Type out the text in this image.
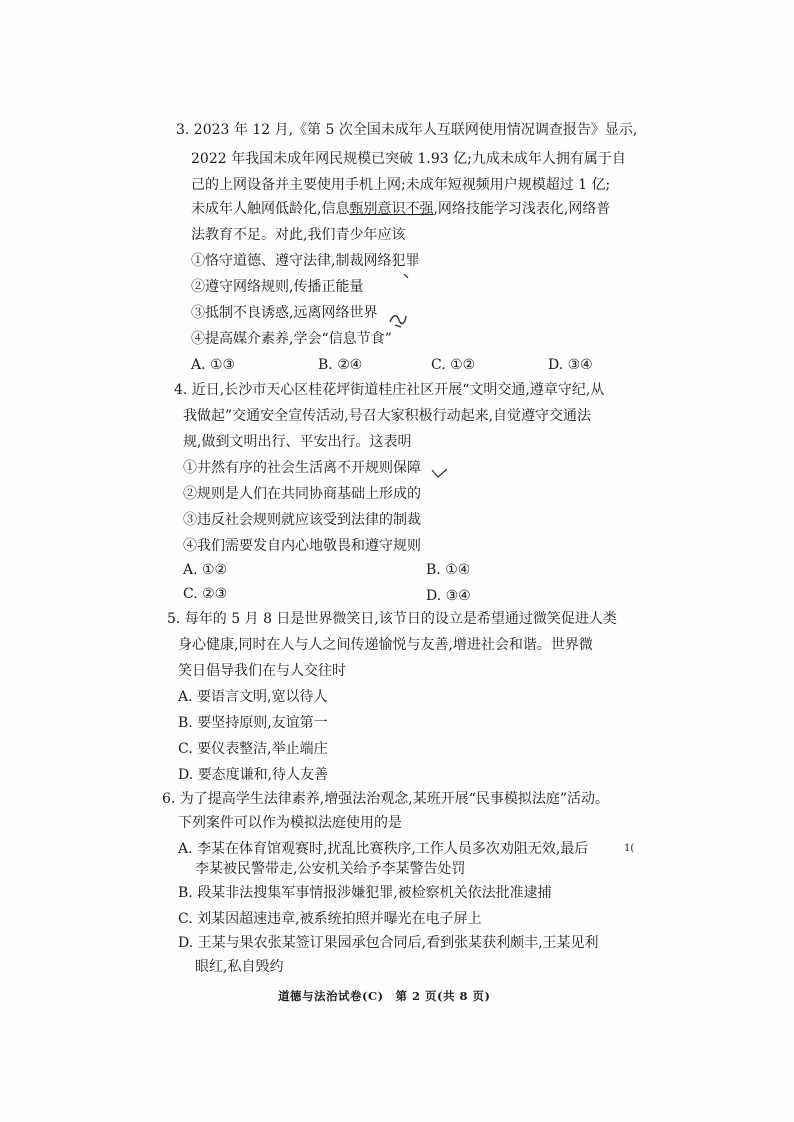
3. 2023 年 12 月,《第 5 次全国未成年人互联网使用情况调查报告》显示,
2022 年我国未成年网民规模已突破 1.93 亿;九成未成年人拥有属于自
己的上网设备并主要使用手机上网;未成年短视频用户规模超过 1 亿;
未成年人触网低龄化,信息甄别意识不强,网络技能学习浅表化,网络普
法教育不足。对此,我们青少年应该
①恪守道德、遵守法律,制裁网络犯罪
②遵守网络规则,传播正能量
③抵制不良诱惑,远离网络世界
④提高媒介素养,学会“信息节食”
A. ①③	B. ②④	C. ①②	D. ③④
4. 近日,长沙市天心区桂花坪街道桂庄社区开展“文明交通,遵章守纪,从
我做起”交通安全宣传活动,号召大家积极行动起来,自觉遵守交通法
规,做到文明出行、平安出行。这表明
①井然有序的社会生活离不开规则保障
②规则是人们在共同协商基础上形成的
③违反社会规则就应该受到法律的制裁
④我们需要发自内心地敬畏和遵守规则
A. ①②	B. ①④
C. ②③	D. ③④
5. 每年的 5 月 8 日是世界微笑日,该节日的设立是希望通过微笑促进人类
身心健康,同时在人与人之间传递愉悦与友善,增进社会和谐。世界微
笑日倡导我们在与人交往时
A. 要语言文明,宽以待人
B. 要坚持原则,友谊第一
C. 要仪表整洁,举止端庄
D. 要态度谦和,待人友善
6. 为了提高学生法律素养,增强法治观念,某班开展“民事模拟法庭”活动。
下列案件可以作为模拟法庭使用的是
A. 李某在体育馆观赛时,扰乱比赛秩序,工作人员多次劝阻无效,最后
李某被民警带走,公安机关给予李某警告处罚
B. 段某非法搜集军事情报涉嫌犯罪,被检察机关依法批准逮捕
C. 刘某因超速违章,被系统拍照并曝光在电子屏上
D. 王某与果农张某签订果园承包合同后,看到张某获利颇丰,王某见利
眼红,私自毁约
1(
道德与法治试卷(C)　第 2 页(共 8 页)
